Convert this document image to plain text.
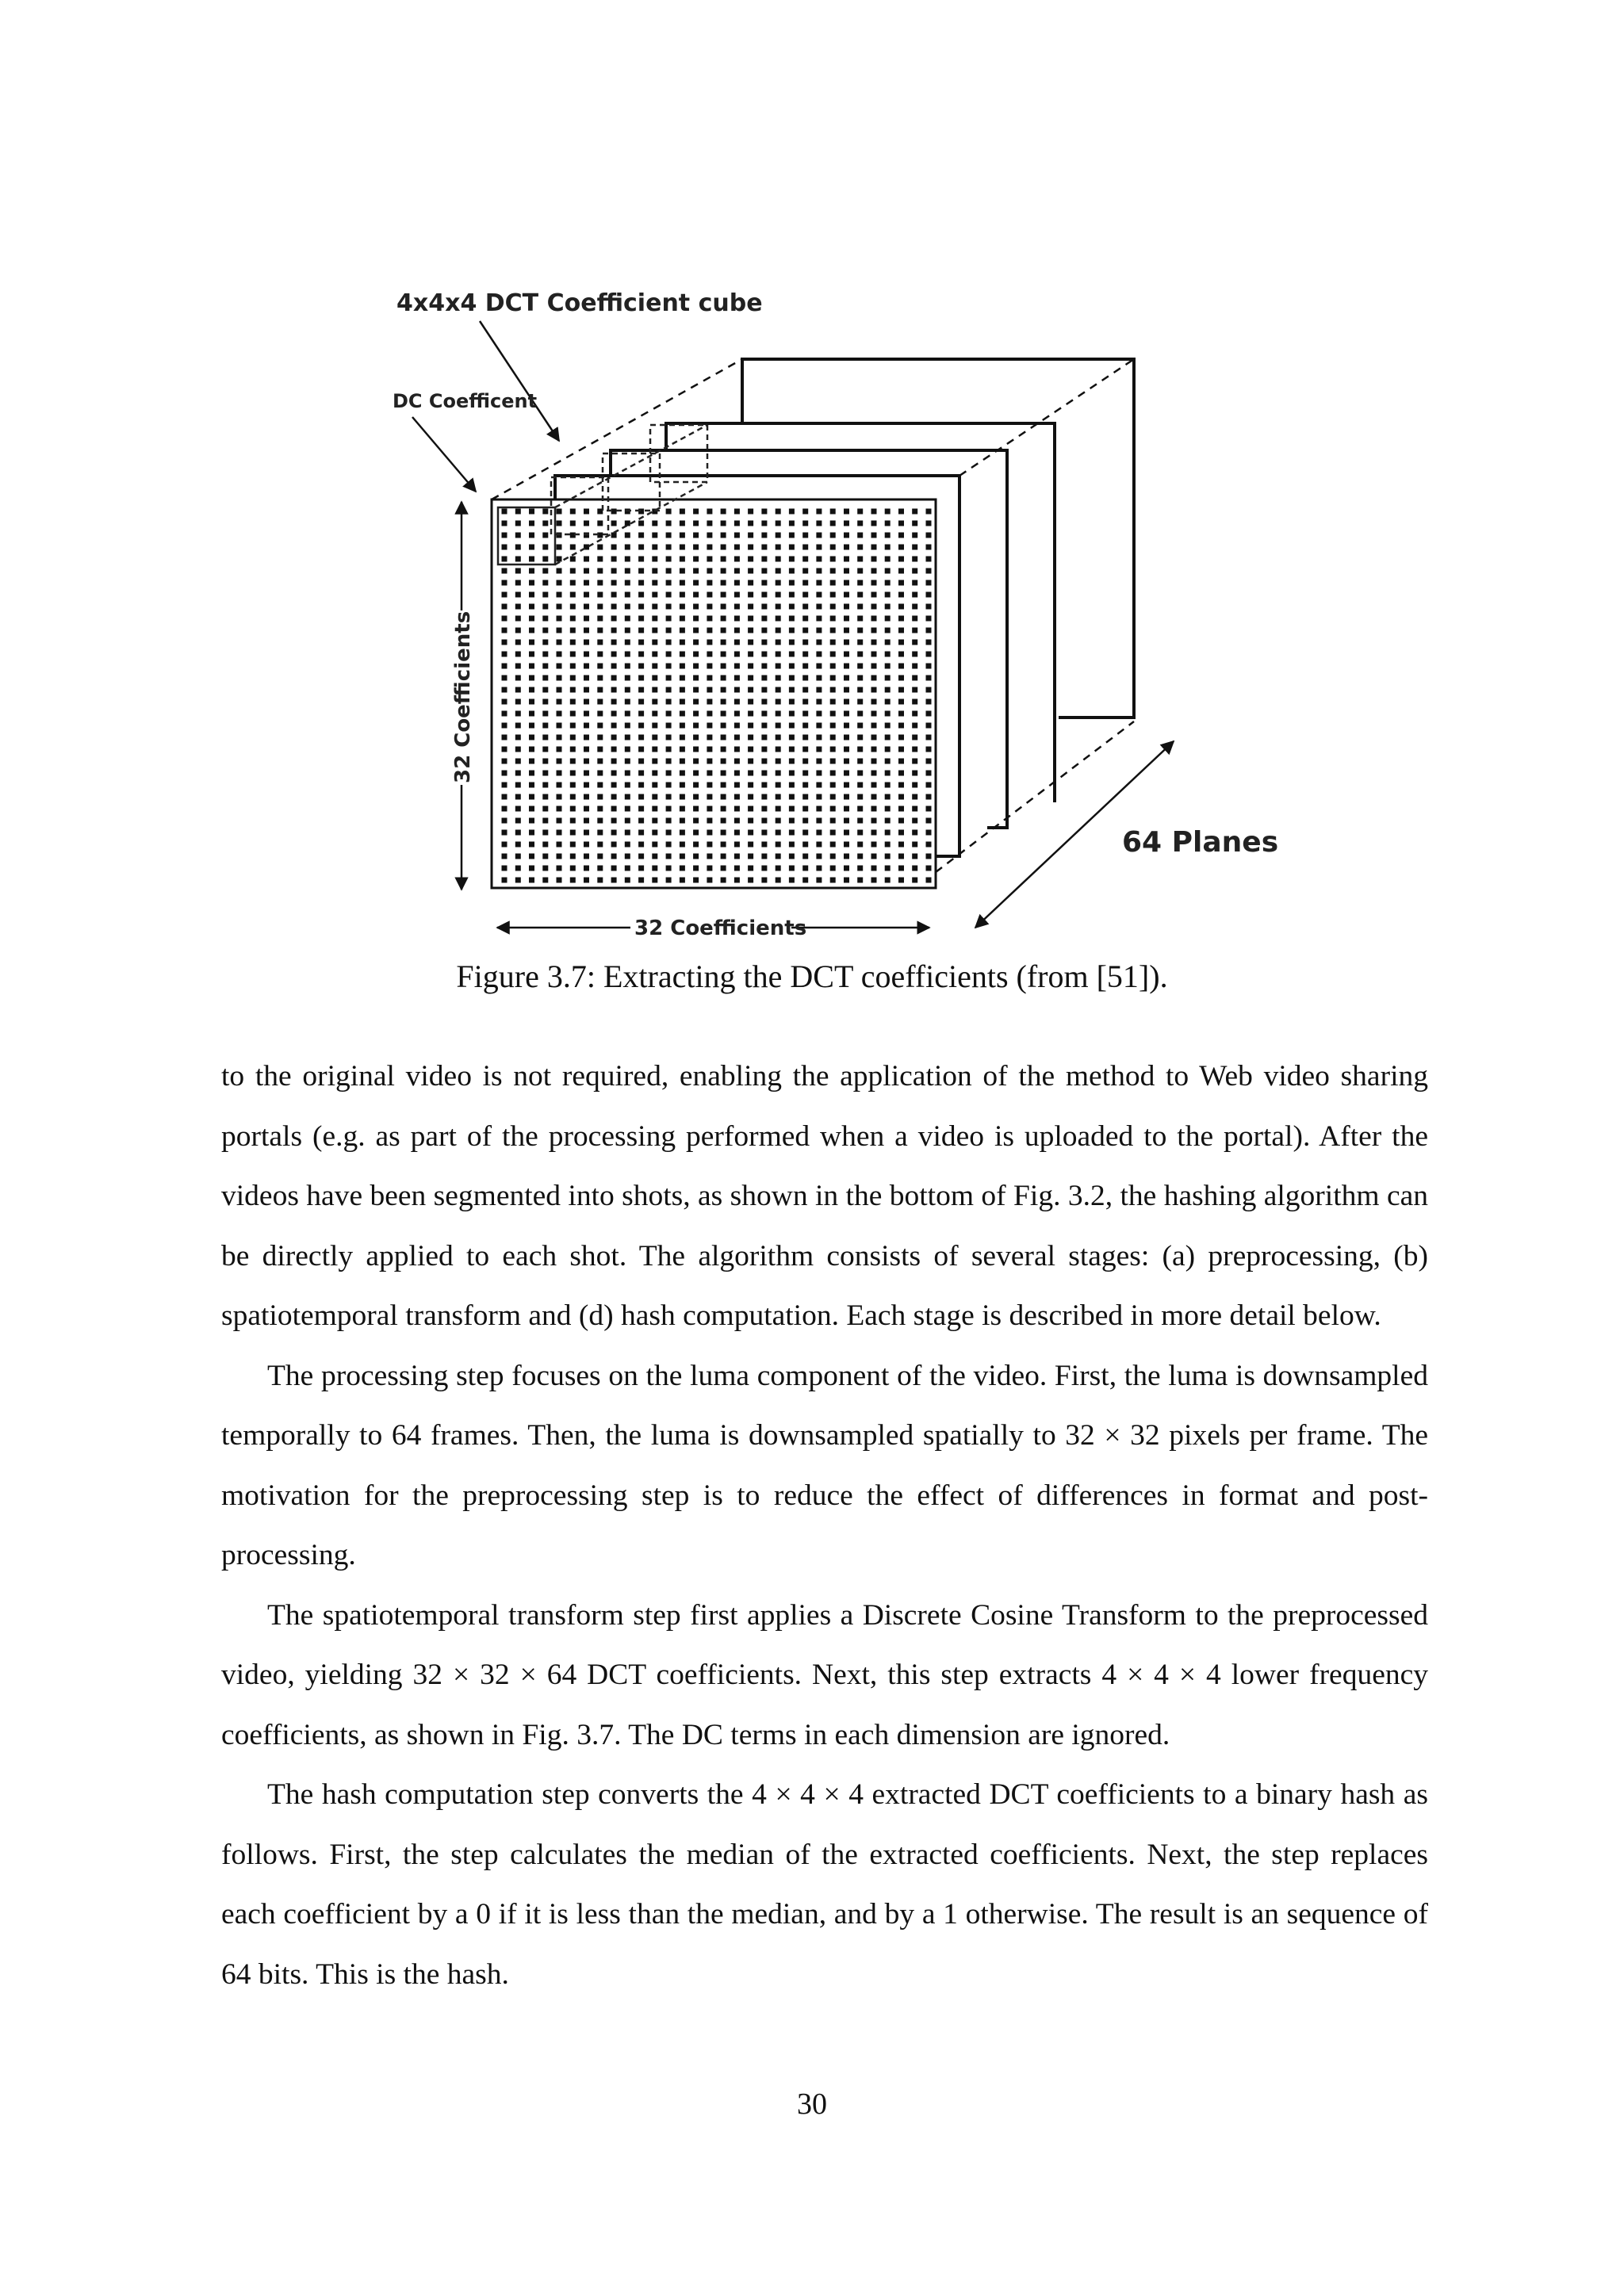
4x4x4 DCT Coefficient cube
DC Coefficent
32 Coefficients
32 Coefficients
64 Planes

Figure 3.7: Extracting the DCT coefficients (from [51]).

to the original video is not required, enabling the application of the method to Web video sharing portals (e.g. as part of the processing performed when a video is uploaded to the portal). After the videos have been segmented into shots, as shown in the bottom of Fig. 3.2, the hashing algorithm can be directly applied to each shot. The algorithm consists of several stages: (a) preprocessing, (b) spatiotemporal transform and (d) hash computation. Each stage is described in more detail below.

The processing step focuses on the luma component of the video. First, the luma is downsampled temporally to 64 frames. Then, the luma is downsampled spatially to 32 × 32 pixels per frame. The motivation for the preprocessing step is to reduce the effect of differences in format and post-processing.

The spatiotemporal transform step first applies a Discrete Cosine Transform to the preprocessed video, yielding 32 × 32 × 64 DCT coefficients. Next, this step extracts 4 × 4 × 4 lower frequency coefficients, as shown in Fig. 3.7. The DC terms in each dimension are ignored.

The hash computation step converts the 4 × 4 × 4 extracted DCT coefficients to a binary hash as follows. First, the step calculates the median of the extracted coefficients. Next, the step replaces each coefficient by a 0 if it is less than the median, and by a 1 otherwise. The result is an sequence of 64 bits. This is the hash.

30
